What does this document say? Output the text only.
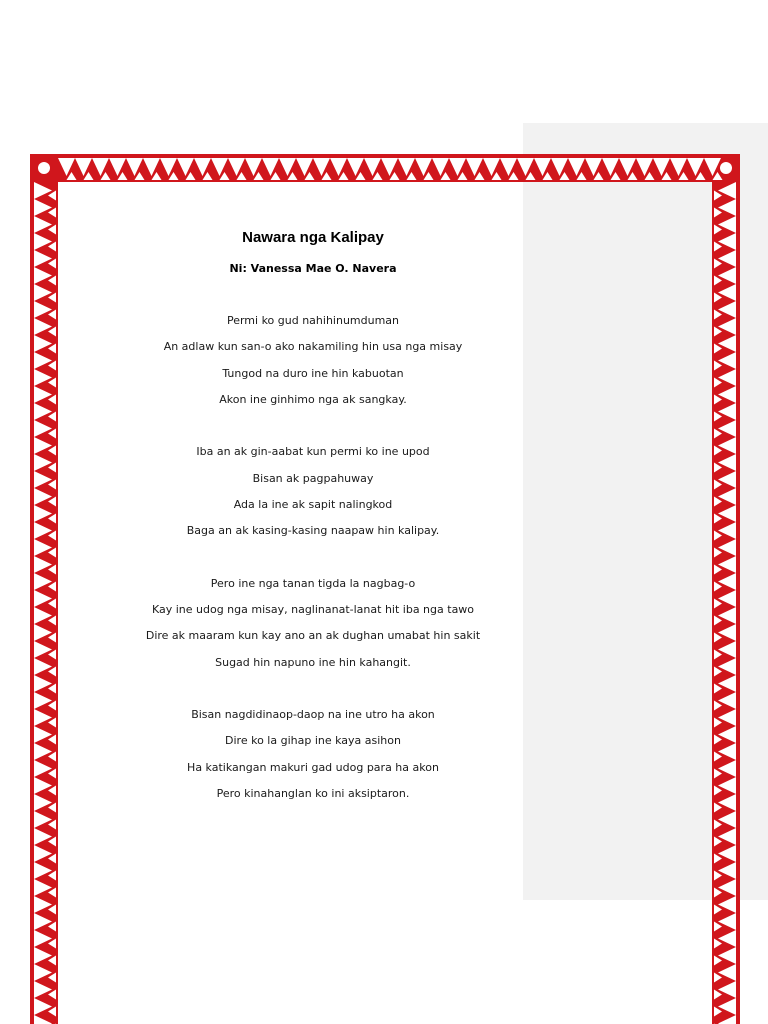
Nawara nga Kalipay

Ni: Vanessa Mae O. Navera

Permi ko gud nahihinumduman

An adlaw kun san-o ako nakamiling hin usa nga misay

Tungod na duro ine hin kabuotan

Akon ine ginhimo nga ak sangkay.

Iba an ak gin-aabat kun permi ko ine upod

Bisan ak pagpahuway

Ada la ine ak sapit nalingkod

Baga an ak kasing-kasing naapaw hin kalipay.

Pero ine nga tanan tigda la nagbag-o

Kay ine udog nga misay, naglinanat-lanat hit iba nga tawo

Dire ak maaram kun kay ano an ak dughan umabat hin sakit

Sugad hin napuno ine hin kahangit.

Bisan nagdidinaop-daop na ine utro ha akon

Dire ko la gihap ine kaya asihon

Ha katikangan makuri gad udog para ha akon

Pero kinahanglan ko ini aksiptaron.
